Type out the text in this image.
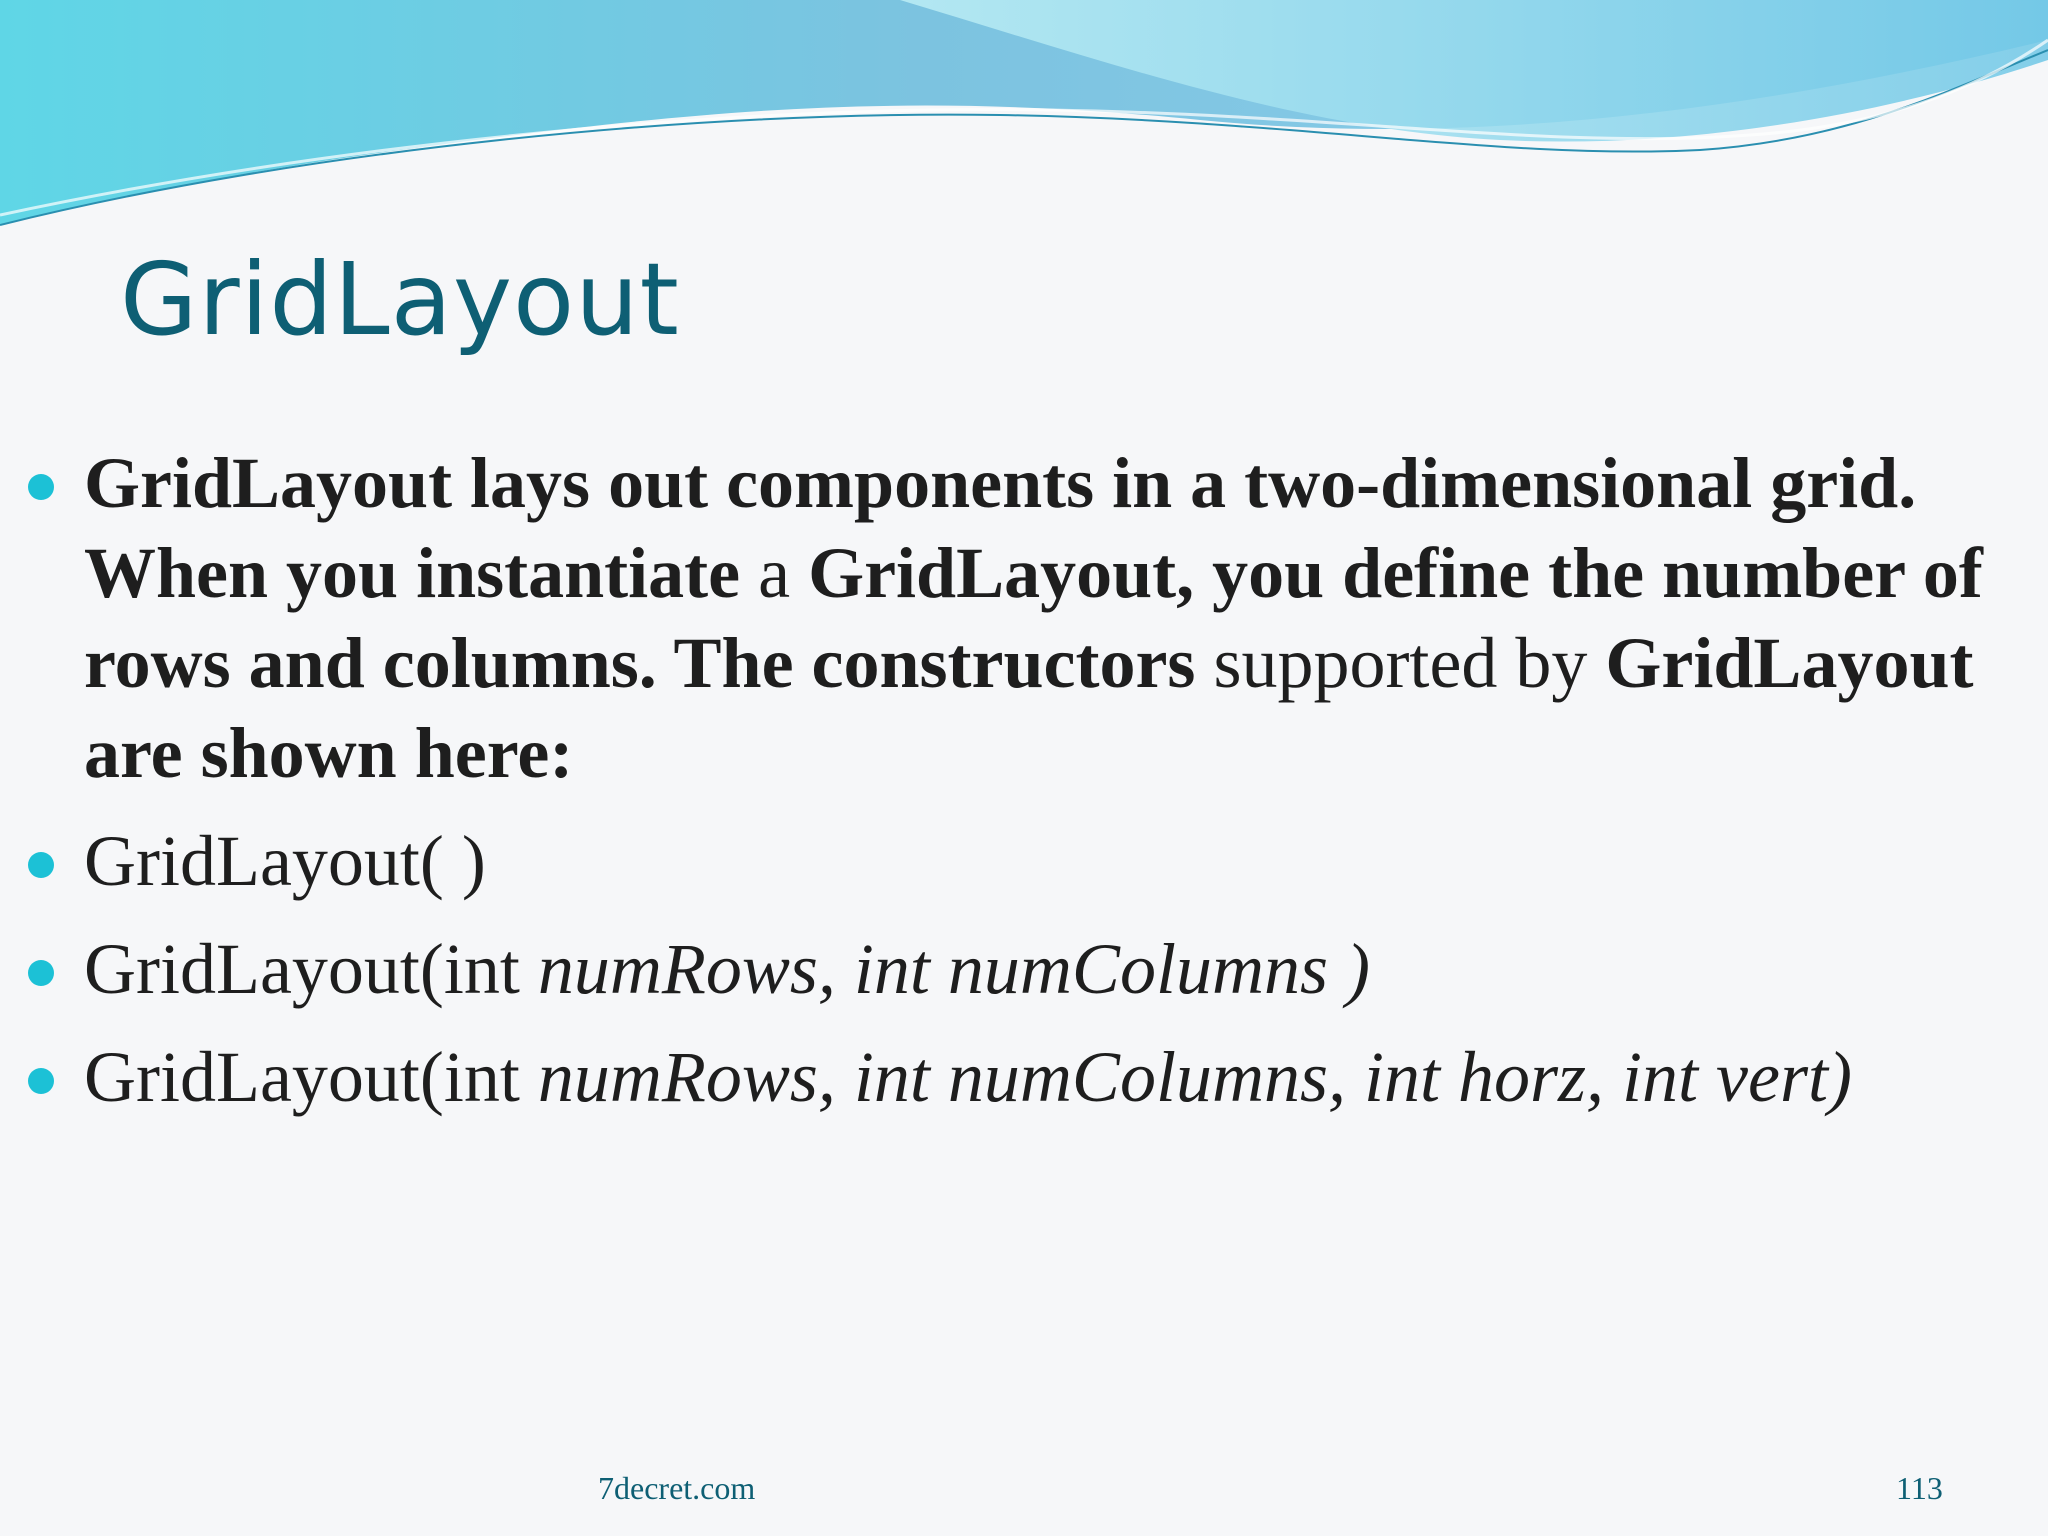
GridLayout
GridLayout lays out components in a two-dimensional grid. When you instantiate a GridLayout, you define the number of rows and columns. The constructors supported by GridLayout are shown here:
GridLayout( )
GridLayout(int numRows, int numColumns )
GridLayout(int numRows, int numColumns, int horz, int vert)
7decret.com	113
